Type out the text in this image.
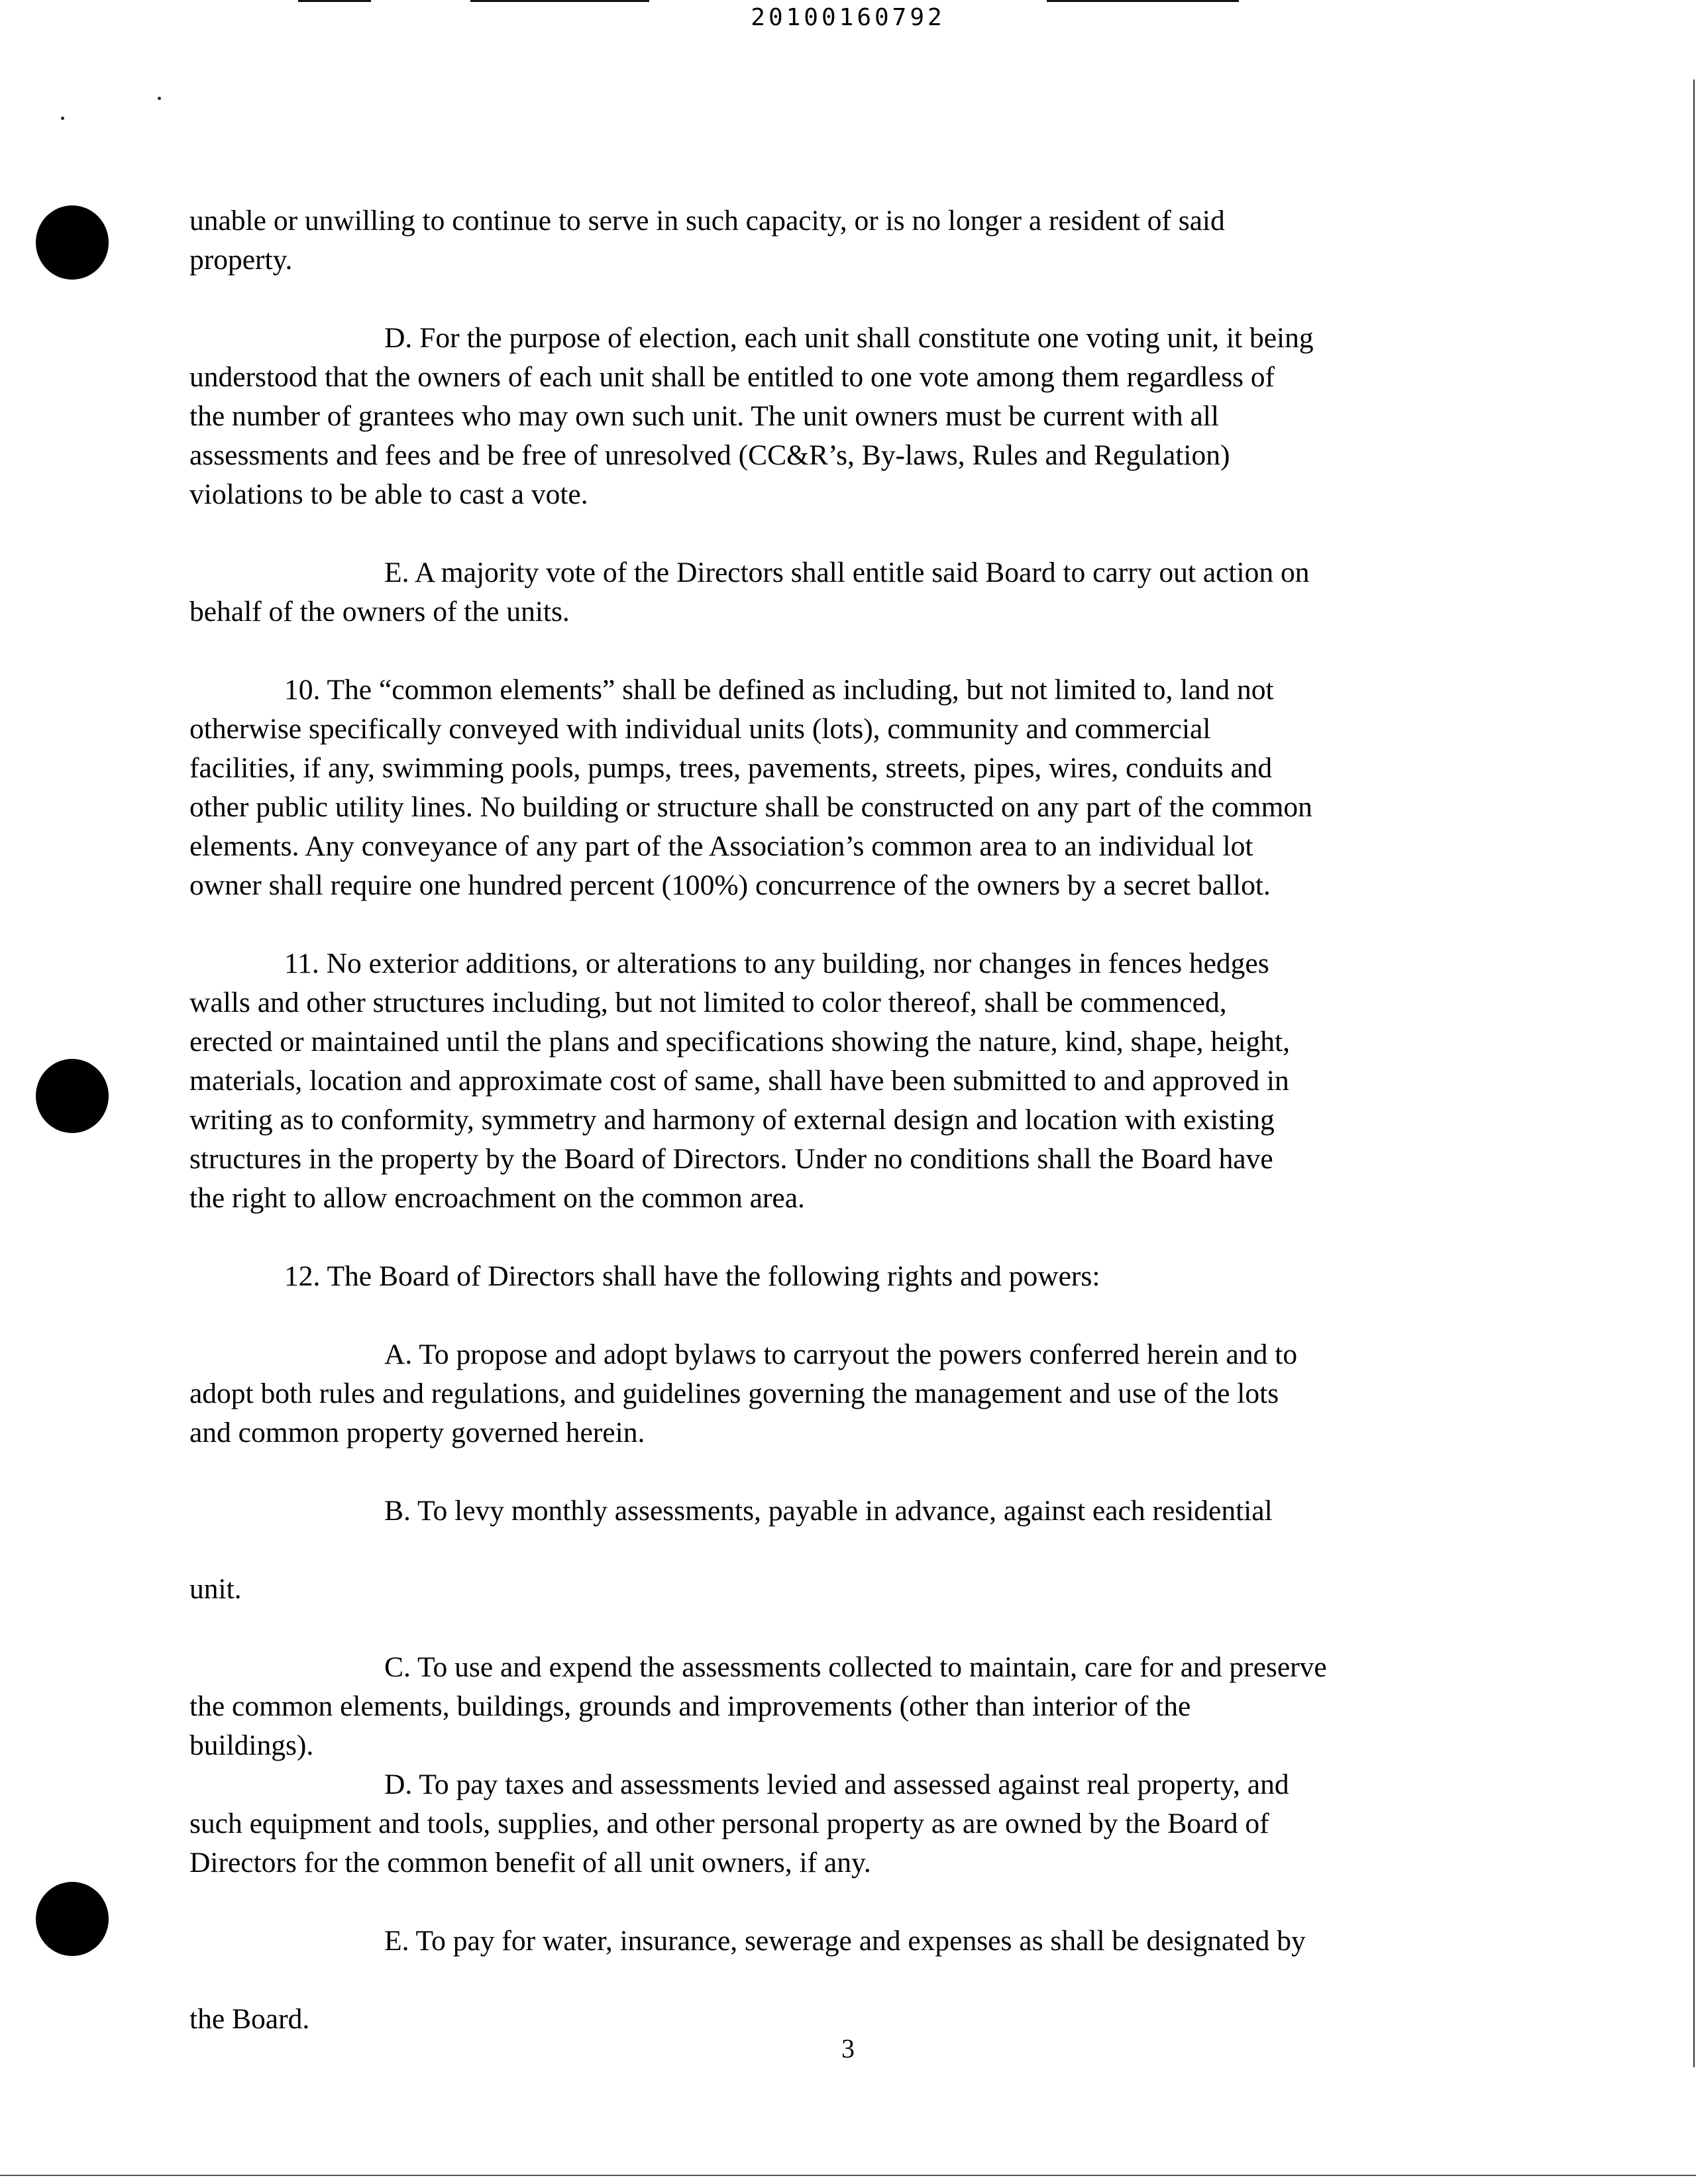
20100160792
unable or unwilling to continue to serve in such capacity, or is no longer a resident of said
property.
D. For the purpose of election, each unit shall constitute one voting unit, it being
understood that the owners of each unit shall be entitled to one vote among them regardless of
the number of grantees who may own such unit. The unit owners must be current with all
assessments and fees and be free of unresolved (CC&R’s, By-laws, Rules and Regulation)
violations to be able to cast a vote.
E. A majority vote of the Directors shall entitle said Board to carry out action on
behalf of the owners of the units.
10. The “common elements” shall be defined as including, but not limited to, land not
otherwise specifically conveyed with individual units (lots), community and commercial
facilities, if any, swimming pools, pumps, trees, pavements, streets, pipes, wires, conduits and
other public utility lines. No building or structure shall be constructed on any part of the common
elements. Any conveyance of any part of the Association’s common area to an individual lot
owner shall require one hundred percent (100%) concurrence of the owners by a secret ballot.
11. No exterior additions, or alterations to any building, nor changes in fences hedges
walls and other structures including, but not limited to color thereof, shall be commenced,
erected or maintained until the plans and specifications showing the nature, kind, shape, height,
materials, location and approximate cost of same, shall have been submitted to and approved in
writing as to conformity, symmetry and harmony of external design and location with existing
structures in the property by the Board of Directors. Under no conditions shall the Board have
the right to allow encroachment on the common area.
12. The Board of Directors shall have the following rights and powers:
A. To propose and adopt bylaws to carryout the powers conferred herein and to
adopt both rules and regulations, and guidelines governing the management and use of the lots
and common property governed herein.
B. To levy monthly assessments, payable in advance, against each residential

unit.
C. To use and expend the assessments collected to maintain, care for and preserve
the common elements, buildings, grounds and improvements (other than interior of the
buildings).
D. To pay taxes and assessments levied and assessed against real property, and
such equipment and tools, supplies, and other personal property as are owned by the Board of
Directors for the common benefit of all unit owners, if any.
E. To pay for water, insurance, sewerage and expenses as shall be designated by

the Board.
3
